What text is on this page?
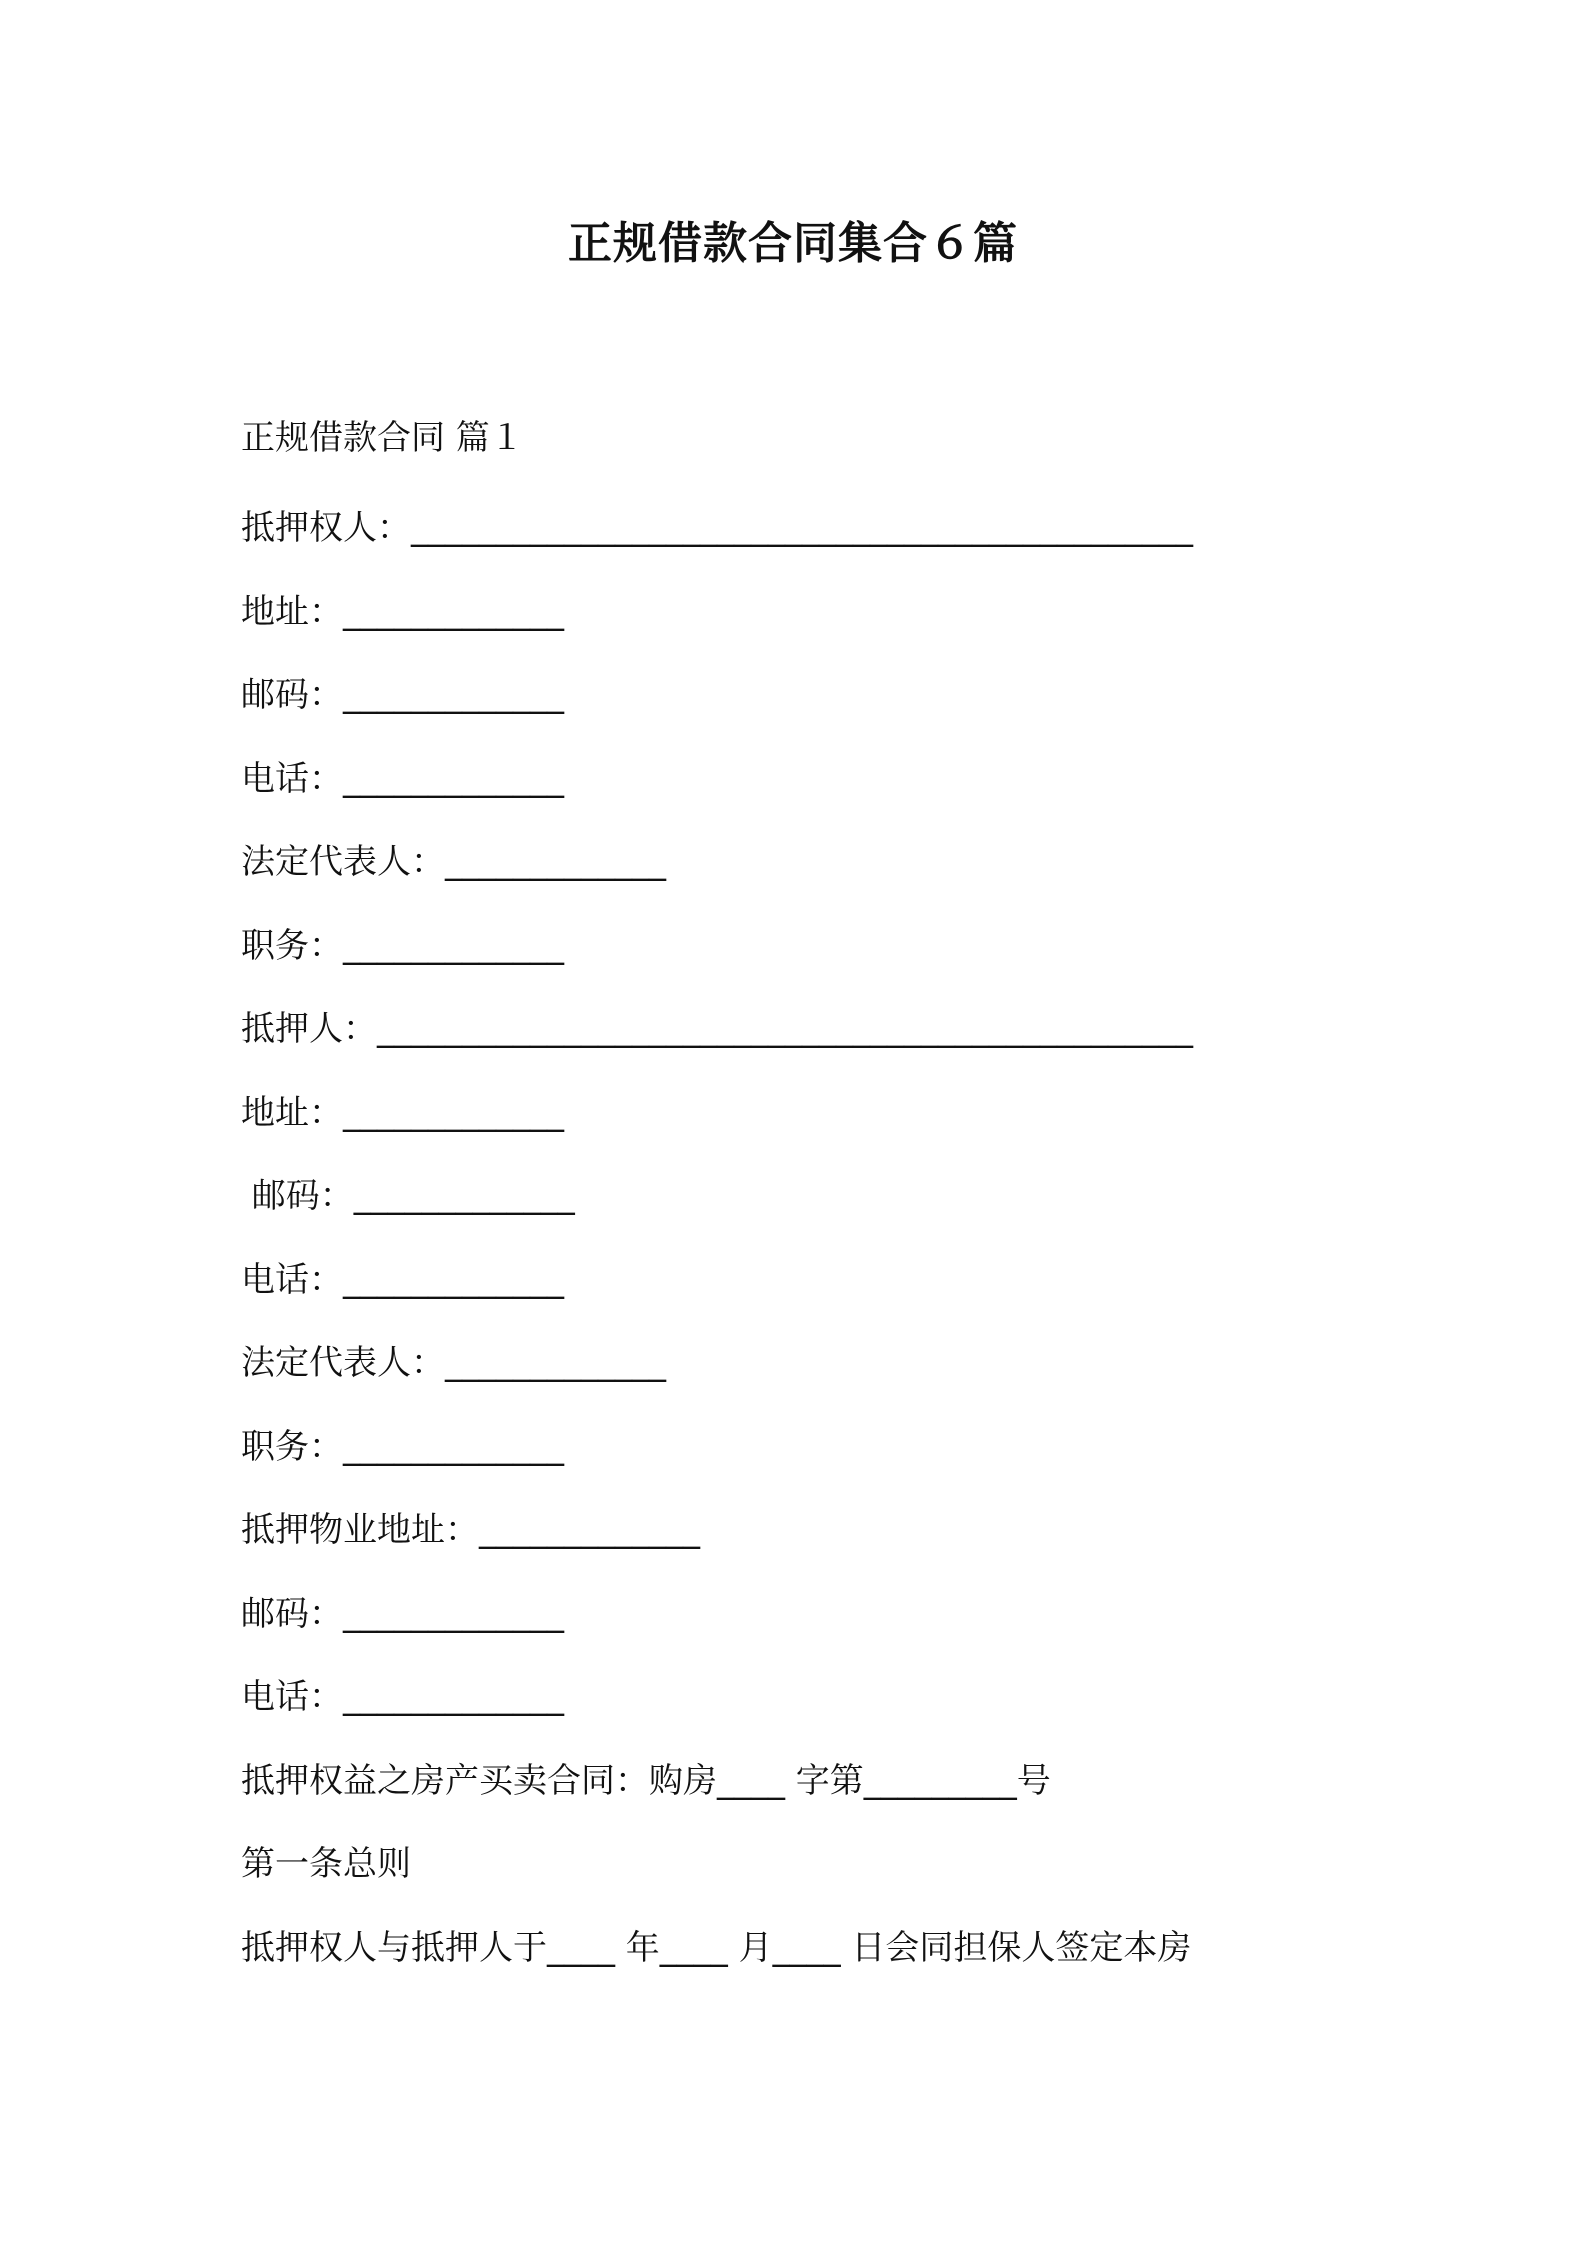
正规借款合同集合６篇
正规借款合同 篇１
抵押权人：______________________________________________
地址：_____________
邮码：_____________
电话：_____________
法定代表人：_____________
职务：_____________
抵押人：________________________________________________
地址：_____________
邮码：_____________
电话：_____________
法定代表人：_____________
职务：_____________
抵押物业地址：_____________
邮码：_____________
电话：_____________
抵押权益之房产买卖合同：购房____ 字第_________号
第一条总则
抵押权人与抵押人于____ 年____ 月____ 日会同担保人签定本房
